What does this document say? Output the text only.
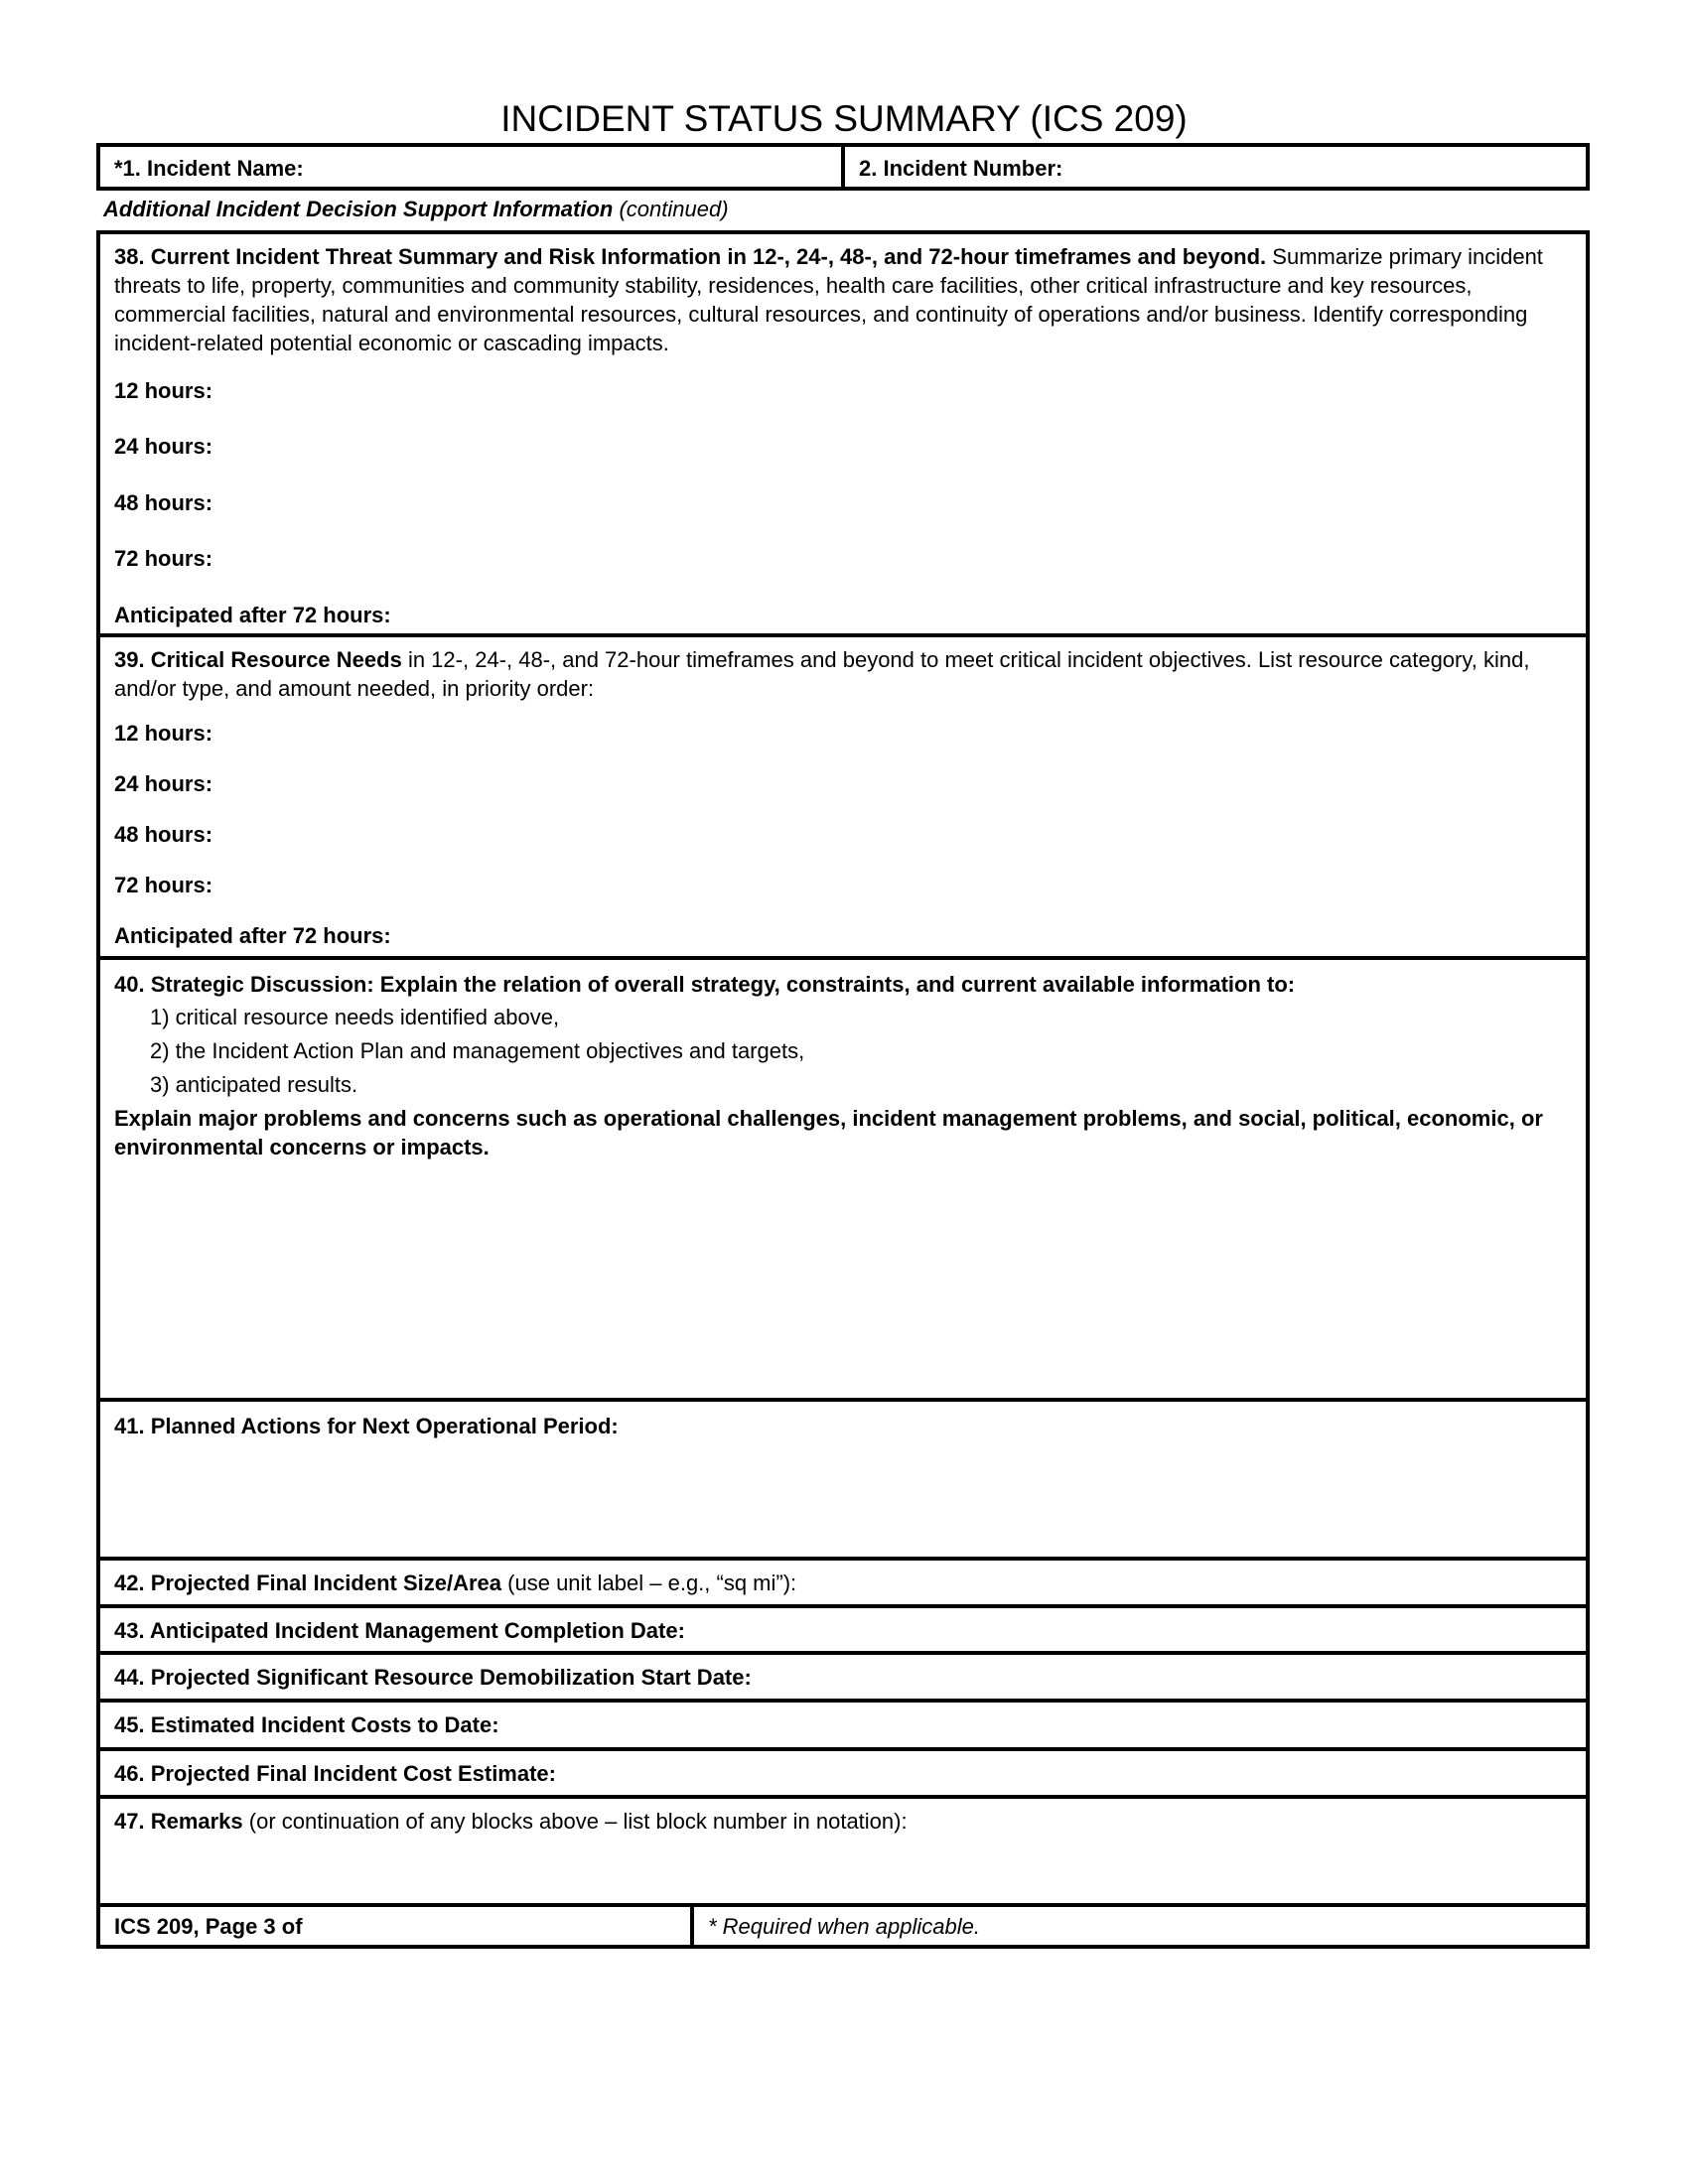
INCIDENT STATUS SUMMARY (ICS 209)
*1. Incident Name:	2. Incident Number:
Additional Incident Decision Support Information (continued)
38. Current Incident Threat Summary and Risk Information in 12-, 24-, 48-, and 72-hour timeframes and beyond. Summarize primary incident threats to life, property, communities and community stability, residences, health care facilities, other critical infrastructure and key resources, commercial facilities, natural and environmental resources, cultural resources, and continuity of operations and/or business. Identify corresponding incident-related potential economic or cascading impacts.
12 hours:
24 hours:
48 hours:
72 hours:
Anticipated after 72 hours:
39. Critical Resource Needs in 12-, 24-, 48-, and 72-hour timeframes and beyond to meet critical incident objectives. List resource category, kind, and/or type, and amount needed, in priority order:
12 hours:
24 hours:
48 hours:
72 hours:
Anticipated after 72 hours:
40. Strategic Discussion: Explain the relation of overall strategy, constraints, and current available information to:
1) critical resource needs identified above,
2) the Incident Action Plan and management objectives and targets,
3) anticipated results.
Explain major problems and concerns such as operational challenges, incident management problems, and social, political, economic, or environmental concerns or impacts.
41. Planned Actions for Next Operational Period:
42. Projected Final Incident Size/Area (use unit label – e.g., “sq mi”):
43. Anticipated Incident Management Completion Date:
44. Projected Significant Resource Demobilization Start Date:
45. Estimated Incident Costs to Date:
46. Projected Final Incident Cost Estimate:
47. Remarks (or continuation of any blocks above – list block number in notation):
ICS 209, Page 3 of	* Required when applicable.
